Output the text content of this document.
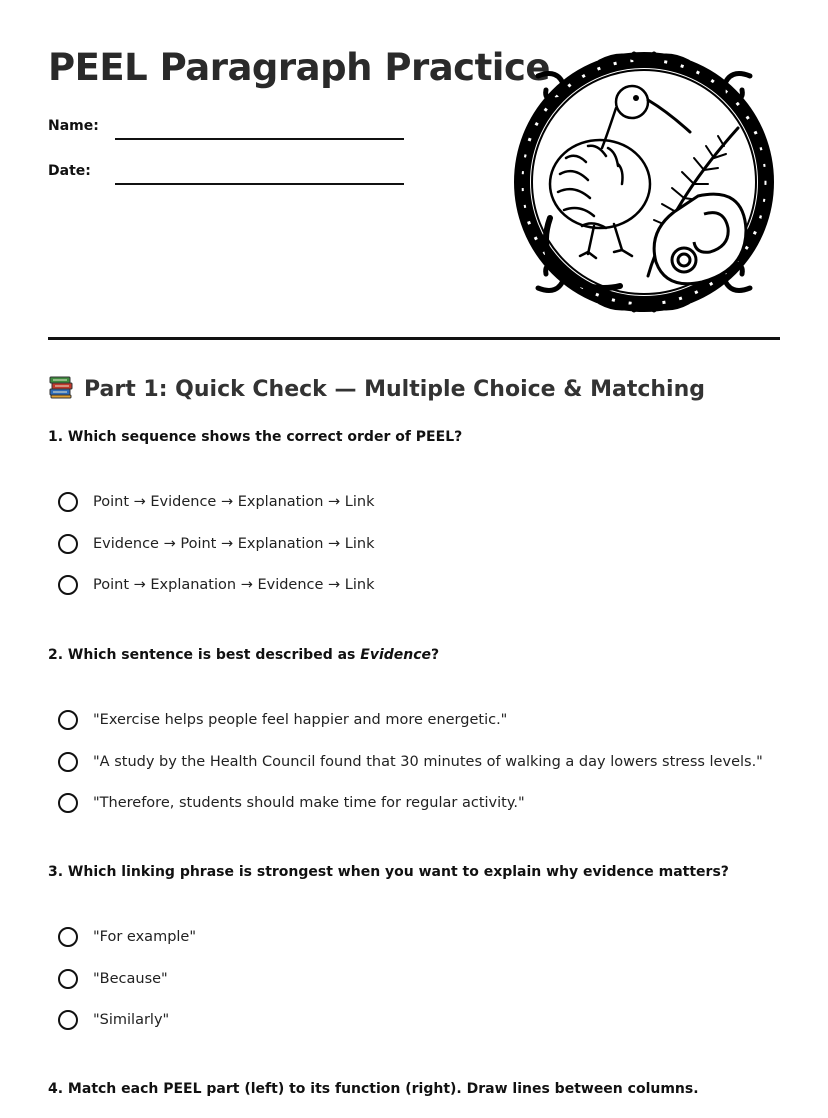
PEEL Paragraph Practice
Name:
Date:
Part 1: Quick Check — Multiple Choice & Matching
1. Which sequence shows the correct order of PEEL?
Point → Evidence → Explanation → Link
Evidence → Point → Explanation → Link
Point → Explanation → Evidence → Link
2. Which sentence is best described as Evidence?
"Exercise helps people feel happier and more energetic."
"A study by the Health Council found that 30 minutes of walking a day lowers stress levels."
"Therefore, students should make time for regular activity."
3. Which linking phrase is strongest when you want to explain why evidence matters?
"For example"
"Because"
"Similarly"
4. Match each PEEL part (left) to its function (right). Draw lines between columns.
